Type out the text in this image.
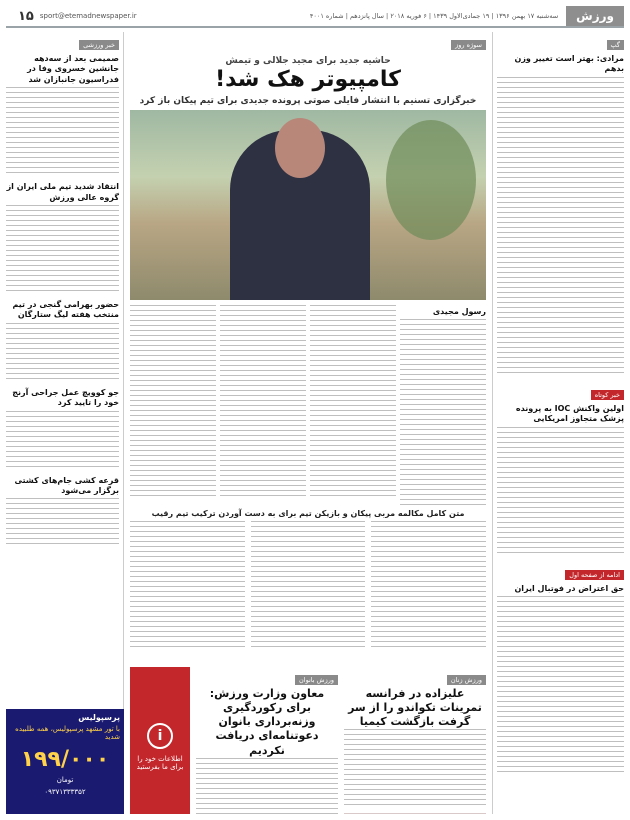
ورزش
سه‌شنبه ۱۷ بهمن ۱۳۹۶ | ۱۹ جمادی‌الاول ۱۴۳۹ | ۶ فوریه ۲۰۱۸ | سال پانزدهم | شماره ۴۰۰۱
sport@etemadnewspaper.ir
۱۵
گپ
مرادی: بهتر است تغییر وزن بدهم
خبر کوتاه
اولین واکنش IOC به پرونده پزشک متجاوز امریکایی
ادامه از صفحه اول
حق اعتراض در فوتبال ایران
سوژه روز
حاشیه جدید برای مجید جلالی و تیمش
کامپیوتر هک شد!
خبرگزاری تسنیم با انتشار فایلی صوتی پرونده جدیدی برای تیم پیکان باز کرد
رسول مجیدی
متن کامل مکالمه مربی پیکان و بازیکن تیم برای به دست آوردن ترکیب تیم رقیب
ورزش زنان
علیزاده در فرانسه تمرینات تکواندو را از سر گرفت بازگشت کیمیا
ورزش بانوان
معاون وزارت ورزش: برای رکوردگیری وزنه‌برداری بانوان دعوتنامه‌ای دریافت نکردیم
i
اطلاعات خود را برای ما بفرستید
خبر ورزشی
صمیمی بعد از سه‌دهه جانشین خسروی وفا در فدراسیون جانبازان شد
انتقاد شدید تیم ملی ایران از گروه عالی ورزش
حضور بهرامی گنجی در تیم منتخب هفته لیگ ستارگان
جو کوویچ عمل جراحی آرنج خود را تایید کرد
قرعه کشی جام‌های کشتی برگزار می‌شود
پرسپولیس
با تور مشهد پرسپولیس، همه طلبیده شدید
۱۹۹/۰۰۰
تومان
۰۹۳۷۱۳۳۳۳۵۲
